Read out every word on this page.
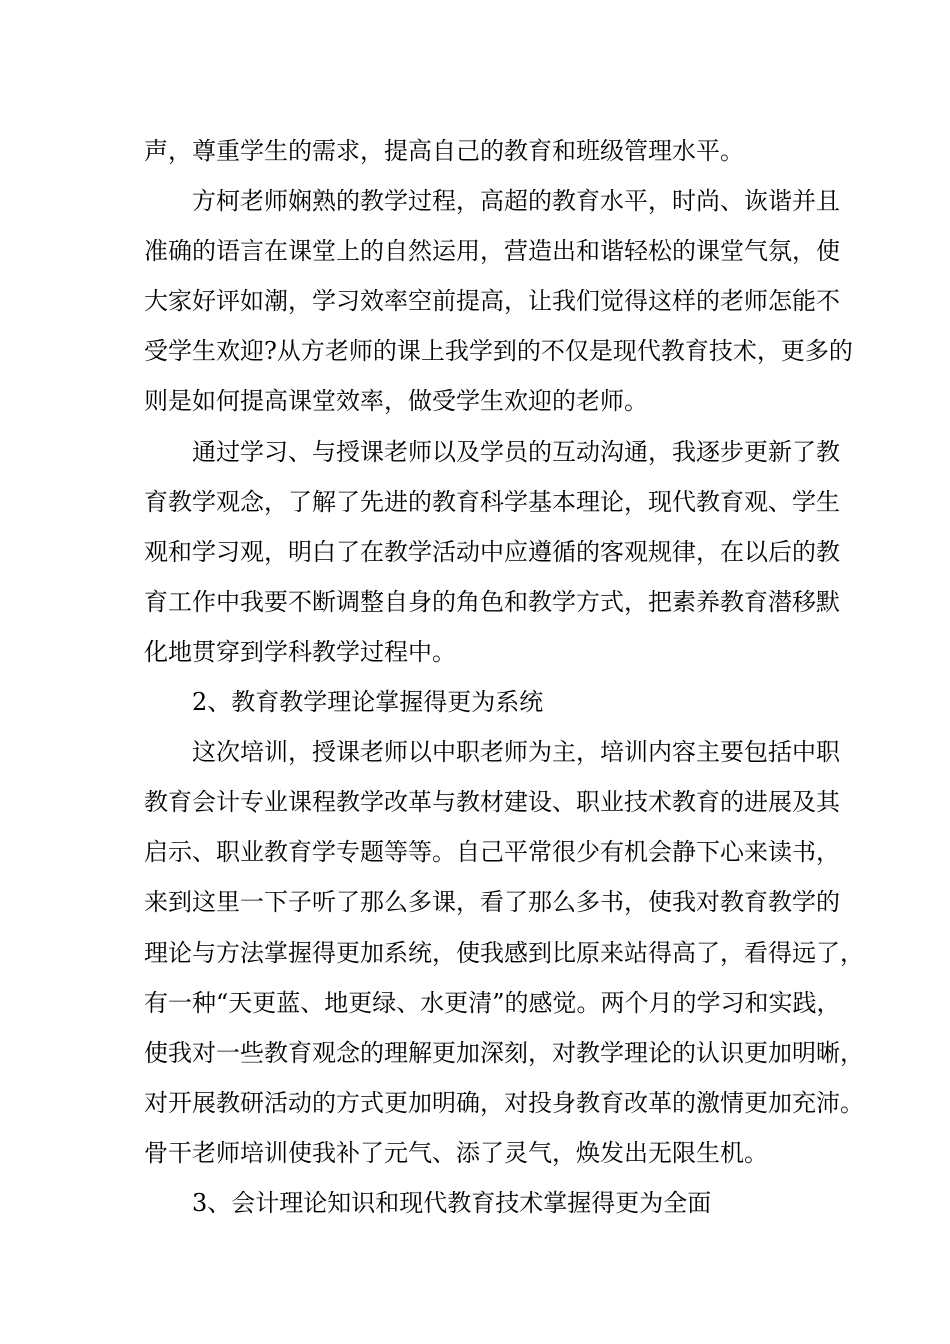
声，尊重学生的需求，提高自己的教育和班级管理水平。
方柯老师娴熟的教学过程，高超的教育水平，时尚、诙谐并且
准确的语言在课堂上的自然运用，营造出和谐轻松的课堂气氛，使
大家好评如潮，学习效率空前提高，让我们觉得这样的老师怎能不
受学生欢迎?从方老师的课上我学到的不仅是现代教育技术，更多的
则是如何提高课堂效率，做受学生欢迎的老师。
通过学习、与授课老师以及学员的互动沟通，我逐步更新了教
育教学观念，了解了先进的教育科学基本理论，现代教育观、学生
观和学习观，明白了在教学活动中应遵循的客观规律，在以后的教
育工作中我要不断调整自身的角色和教学方式，把素养教育潜移默
化地贯穿到学科教学过程中。
2、教育教学理论掌握得更为系统
这次培训，授课老师以中职老师为主，培训内容主要包括中职
教育会计专业课程教学改革与教材建设、职业技术教育的进展及其
启示、职业教育学专题等等。自己平常很少有机会静下心来读书，
来到这里一下子听了那么多课，看了那么多书，使我对教育教学的
理论与方法掌握得更加系统，使我感到比原来站得高了，看得远了，
有一种“天更蓝、地更绿、水更清”的感觉。两个月的学习和实践，
使我对一些教育观念的理解更加深刻，对教学理论的认识更加明晰，
对开展教研活动的方式更加明确，对投身教育改革的激情更加充沛。
骨干老师培训使我补了元气、添了灵气，焕发出无限生机。
3、会计理论知识和现代教育技术掌握得更为全面
